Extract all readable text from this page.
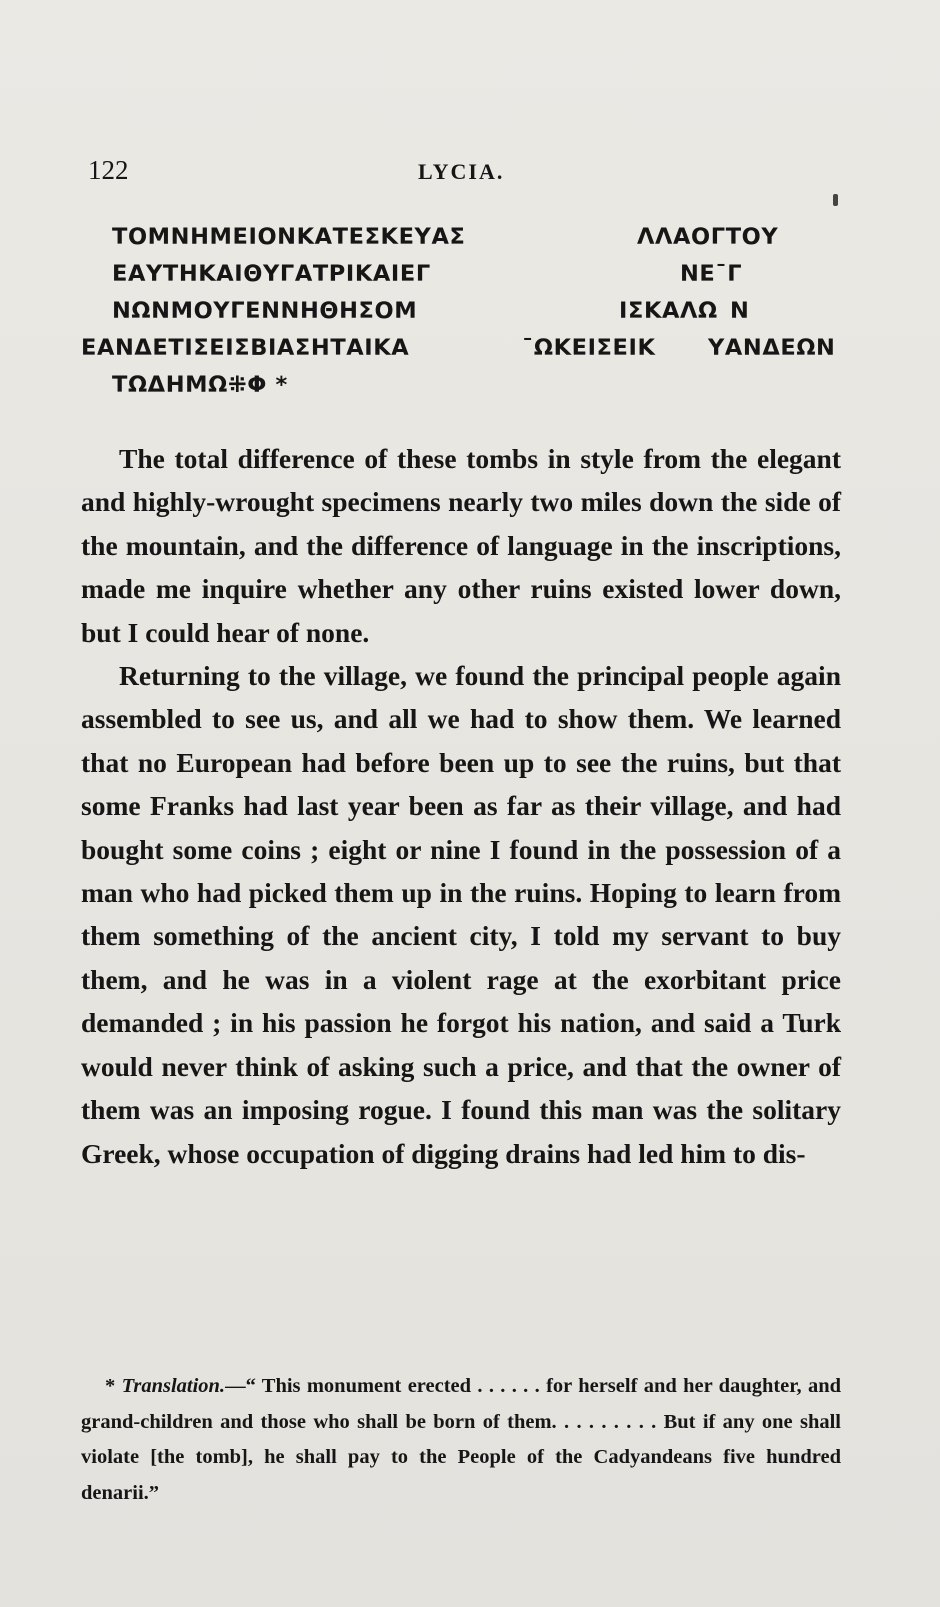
122	LYCIA.
ΤΟΜΝΗΜΕΙΟΝΚΑΤΕΣΚΕΥΑΣ	ΛΛΑΟΓΤΟΥ
ΕΑΥΤΗΚΑΙΘΥΓΑΤΡΙΚΑΙΕΓ	ΝΕ¯Γ
ΝΩΝΜΟΥΓΕΝΝΗΘΗΣΟΜ	ΙΣΚΑΛΩ Ν
ΕΑΝΔΕΤΙΣΕΙΣΒΙΑΣΗΤΑΙΚΑ	¯ΩΚΕΙΣΕΙΚ ΥΑΝΔΕΩΝ
ΤΩΔΗΜΩ⁜Φ *

The total difference of these tombs in style from the elegant and highly-wrought specimens nearly two miles down the side of the mountain, and the difference of language in the inscriptions, made me inquire whether any other ruins existed lower down, but I could hear of none.

Returning to the village, we found the principal people again assembled to see us, and all we had to show them. We learned that no European had before been up to see the ruins, but that some Franks had last year been as far as their village, and had bought some coins ; eight or nine I found in the possession of a man who had picked them up in the ruins. Hoping to learn from them something of the ancient city, I told my servant to buy them, and he was in a violent rage at the exorbitant price demanded ; in his passion he forgot his nation, and said a Turk would never think of asking such a price, and that the owner of them was an imposing rogue. I found this man was the solitary Greek, whose occupation of digging drains had led him to dis-

* Translation.—“ This monument erected . . . . . . for herself and her daughter, and grand-children and those who shall be born of them. . . . . . . . . But if any one shall violate [the tomb], he shall pay to the People of the Cadyandeans five hundred denarii.”
